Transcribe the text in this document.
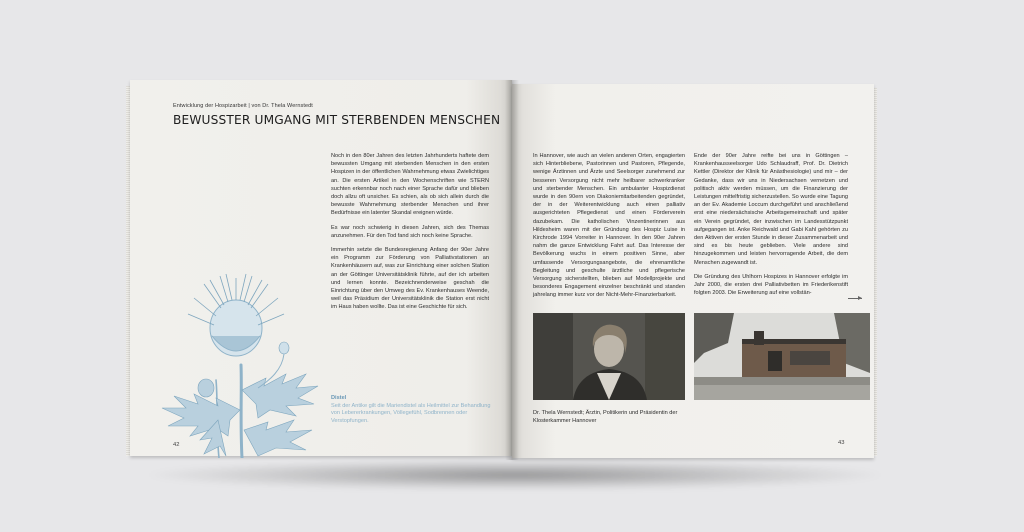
Entwicklung der Hospizarbeit | von Dr. Thela Wernstedt
BEWUSSTER UMGANG MIT STERBENDEN MENSCHEN

Noch in den 80er Jahren des letzten Jahrhunderts haftete dem bewussten Umgang mit sterbenden Menschen in den ersten Hospizen in der öffentlichen Wahrnehmung etwas Zwielichtiges an. Die ersten Artikel in den Wochenschriften wie STERN suchten erkennbar noch nach einer Sprache dafür und blieben doch allzu oft unsicher. Es schien, als ob sich allein durch die bewusste Wahrnehmung sterbender Menschen und ihrer Bedürfnisse ein latenter Skandal ereignen würde.

Es war noch schwierig in diesen Jahren, sich des Themas anzunehmen. Für den Tod fand sich noch keine Sprache.

Immerhin setzte die Bundesregierung Anfang der 90er Jahre ein Programm zur Förderung von Palliativstationen an Krankenhäusern auf, was zur Einrichtung einer solchen Station an der Göttinger Universitätsklinik führte, auf der ich arbeiten und lernen konnte. Bezeichnenderweise geschah die Einrichtung über den Umweg des Ev. Krankenhauses Weende, weil das Präsidium der Universitätsklinik die Station erst nicht im Haus haben wollte. Das ist eine Geschichte für sich.

Distel
Seit der Antike gilt die Mariendistel als Heilmittel zur Behandlung von Lebererkrankungen, Völlegefühl, Sodbrennen oder Verstopfungen.
42

In Hannover, wie auch an vielen anderen Orten, engagierten sich Hinterbliebene, Pastorinnen und Pastoren, Pflegende, wenige Ärztinnen und Ärzte und Seelsorger zunehmend zur besseren Versorgung nicht mehr heilbarer schwerkranker und sterbender Menschen. Ein ambulanter Hospizdienst wurde in den 90ern von Diakoniemitarbeitenden gegründet, der in der Weiterentwicklung auch einen palliativ ausgerichteten Pflegedienst und einen Förderverein dazubekam. Die katholischen Vinzentinerinnen aus Hildesheim waren mit der Gründung des Hospiz Luise in Kirchrode 1994 Vorreiter in Hannover. In den 90er Jahren nahm die ganze Entwicklung Fahrt auf. Das Interesse der Bevölkerung wuchs in einem positiven Sinne, aber umfassende Versorgungsangebote, die ehrenamtliche Begleitung und geschulte ärztliche und pflegerische Versorgung sicherstellten, blieben auf Modellprojekte und besonderes Engagement einzelner beschränkt und standen jahrelang immer kurz vor der Nicht-Mehr-Finanzierbarkeit.

Ende der 90er Jahre reifte bei uns in Göttingen – Krankenhausseelsorger Udo Schlaudraff, Prof. Dr. Dietrich Kettler (Direktor der Klinik für Anästhesiologie) und mir – der Gedanke, dass wir uns in Niedersachsen vernetzen und politisch aktiv werden müssen, um die Finanzierung der Leistungen mittelfristig sicherzustellen. So wurde eine Tagung an der Ev. Akademie Loccum durchgeführt und anschließend erst eine niedersächsische Arbeitsgemeinschaft und später ein Verein gegründet, der inzwischen im Landesstützpunkt aufgegangen ist. Anke Reichwald und Gabi Kahl gehörten zu den Aktiven der ersten Stunde in dieser Zusammenarbeit und sind es bis heute geblieben. Viele andere sind hinzugekommen und leisten hervorragende Arbeit, die dem Menschen zugewandt ist.

Die Gründung des Uhlhorn Hospizes in Hannover erfolgte im Jahr 2000, die ersten drei Palliativbetten im Friederikenstift folgten 2003. Die Erweiterung auf eine vollstän-

Dr. Thela Wernstedt; Ärztin, Politikerin und Präsidentin der Klosterkammer Hannover
43
